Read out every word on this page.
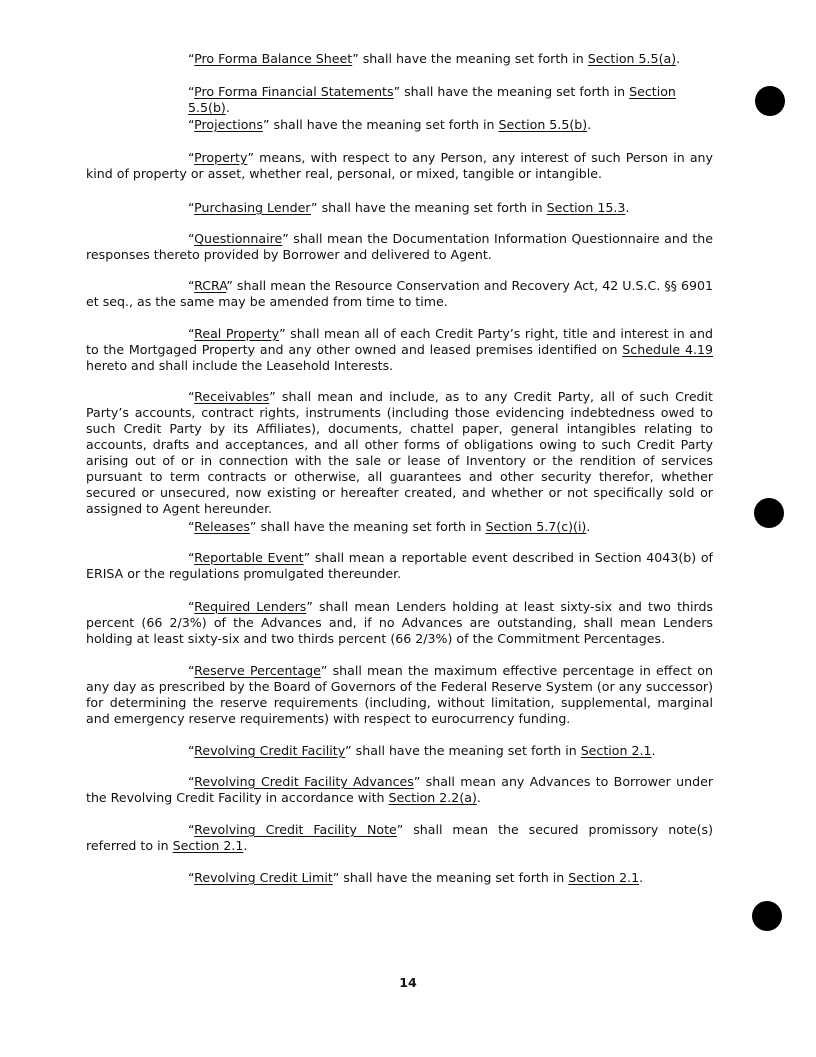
“Pro Forma Balance Sheet” shall have the meaning set forth in Section 5.5(a).

“Pro Forma Financial Statements” shall have the meaning set forth in Section 5.5(b).

“Projections” shall have the meaning set forth in Section 5.5(b).

“Property” means, with respect to any Person, any interest of such Person in any kind of property or asset, whether real, personal, or mixed, tangible or intangible.

“Purchasing Lender” shall have the meaning set forth in Section 15.3.

“Questionnaire” shall mean the Documentation Information Questionnaire and the responses thereto provided by Borrower and delivered to Agent.

“RCRA” shall mean the Resource Conservation and Recovery Act, 42 U.S.C. §§ 6901 et seq., as the same may be amended from time to time.

“Real Property” shall mean all of each Credit Party’s right, title and interest in and to the Mortgaged Property and any other owned and leased premises identified on Schedule 4.19 hereto and shall include the Leasehold Interests.

“Receivables” shall mean and include, as to any Credit Party, all of such Credit Party’s accounts, contract rights, instruments (including those evidencing indebtedness owed to such Credit Party by its Affiliates), documents, chattel paper, general intangibles relating to accounts, drafts and acceptances, and all other forms of obligations owing to such Credit Party arising out of or in connection with the sale or lease of Inventory or the rendition of services pursuant to term contracts or otherwise, all guarantees and other security therefor, whether secured or unsecured, now existing or hereafter created, and whether or not specifically sold or assigned to Agent hereunder.

“Releases” shall have the meaning set forth in Section 5.7(c)(i).

“Reportable Event” shall mean a reportable event described in Section 4043(b) of ERISA or the regulations promulgated thereunder.

“Required Lenders” shall mean Lenders holding at least sixty-six and two thirds percent (66 2/3%) of the Advances and, if no Advances are outstanding, shall mean Lenders holding at least sixty-six and two thirds percent (66 2/3%) of the Commitment Percentages.

“Reserve Percentage” shall mean the maximum effective percentage in effect on any day as prescribed by the Board of Governors of the Federal Reserve System (or any successor) for determining the reserve requirements (including, without limitation, supplemental, marginal and emergency reserve requirements) with respect to eurocurrency funding.

“Revolving Credit Facility” shall have the meaning set forth in Section 2.1.

“Revolving Credit Facility Advances” shall mean any Advances to Borrower under the Revolving Credit Facility in accordance with Section 2.2(a).

“Revolving Credit Facility Note” shall mean the secured promissory note(s) referred to in Section 2.1.

“Revolving Credit Limit” shall have the meaning set forth in Section 2.1.

14
